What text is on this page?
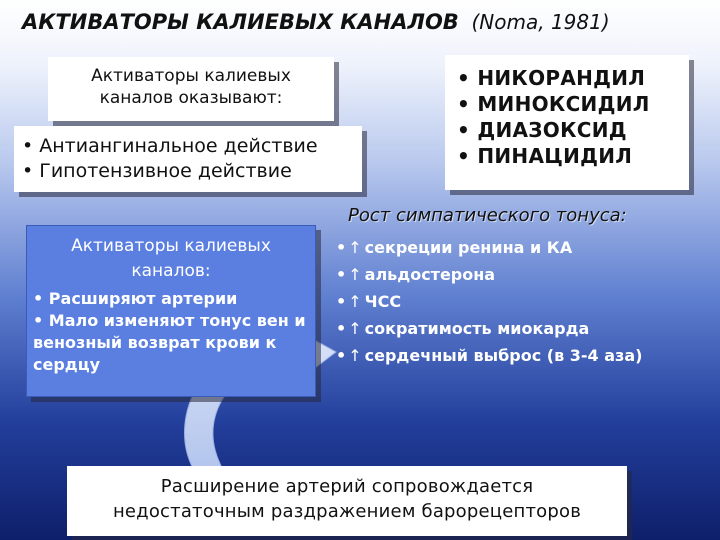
АКТИВАТОРЫ КАЛИЕВЫХ КАНАЛОВ (Noma, 1981)
Активаторы калиевых
каналов оказывают:
• Антиангинальное действие
• Гипотензивное действие
• НИКОРАНДИЛ
• МИНОКСИДИЛ
• ДИАЗОКСИД
• ПИНАЦИДИЛ
Активаторы калиевых
каналов:
• Расширяют артерии
• Мало изменяют тонус вен и венозный возврат крови к сердцу
Рост симпатического тонуса:
• ↑ секреции ренина и КА
• ↑ альдостерона
• ↑ ЧСС
• ↑ сократимость миокарда
• ↑ сердечный выброс (в 3-4 аза)
Расширение артерий сопровождается
недостаточным раздражением барорецепторов
